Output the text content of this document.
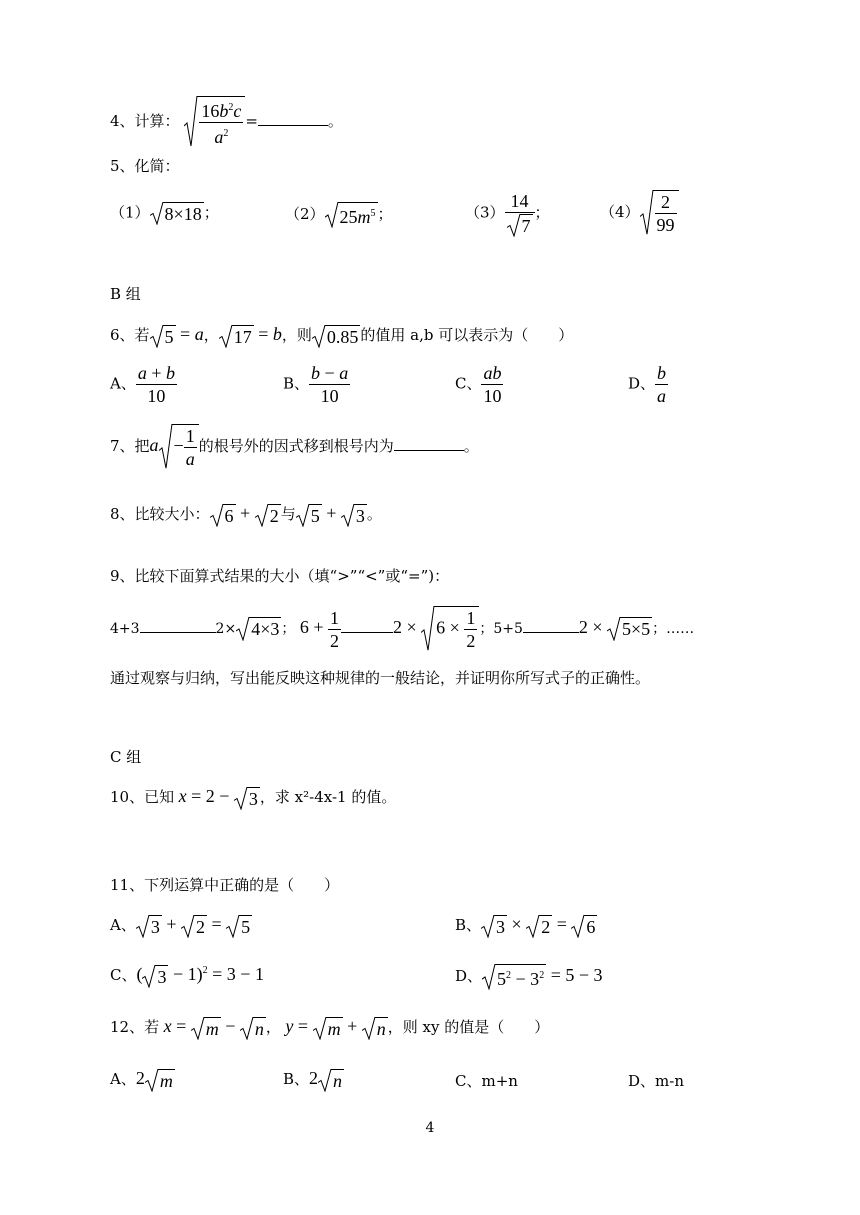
4、计算： $\frac{16b^2c}{a^2}$ =	。
5、化简：
（1） 8×18 ；	（2） $25m^5$ ；	$(3) \frac{14}{7}$ ；	$(4) \frac{2}{99}$
B 组
6、若 5 = a， 17 = b，则 0.85 的值用 a,b 可以表示为（　　）
A、 $\frac{a + b}{10}$	B、 $\frac{b - a}{10}$	C、 $\frac{ab}{10}$	D、 $\frac{b}{a}$
7、把$a - \frac{1}{a}$ 的根号外的因式移到根号内为	。
8、比较大小： 6 +
2 与 5 +
3 。
9、比较下面算式结果的大小（填“>”“<”或“=”)：
4+3	2× 4×3 ； $6 + \frac{1}{2}$	2 ×
$6 \times \frac{1}{2}$ ；5+5	2 ×
5×5 ；……
通过观察与归纳，写出能反映这种规律的一般结论，并证明你所写式子的正确性。
C 组
10、已知 x = 2 −
3 ，求 x²-4x-1 的值。
11、下列运算中正确的是（　　）
A、 3 +
2 =
5	B、 3 ×
2 =
6
C、( 3 − 1)$^2$ = 3 − 1	D、 $5^2 - 3^2 = 5 - 3$
12、若 x =
m −
n ， y =
m +
n ，则 xy 的值是（　　）
A、2 m	B、2 n	C、m+n	D、m-n
4
